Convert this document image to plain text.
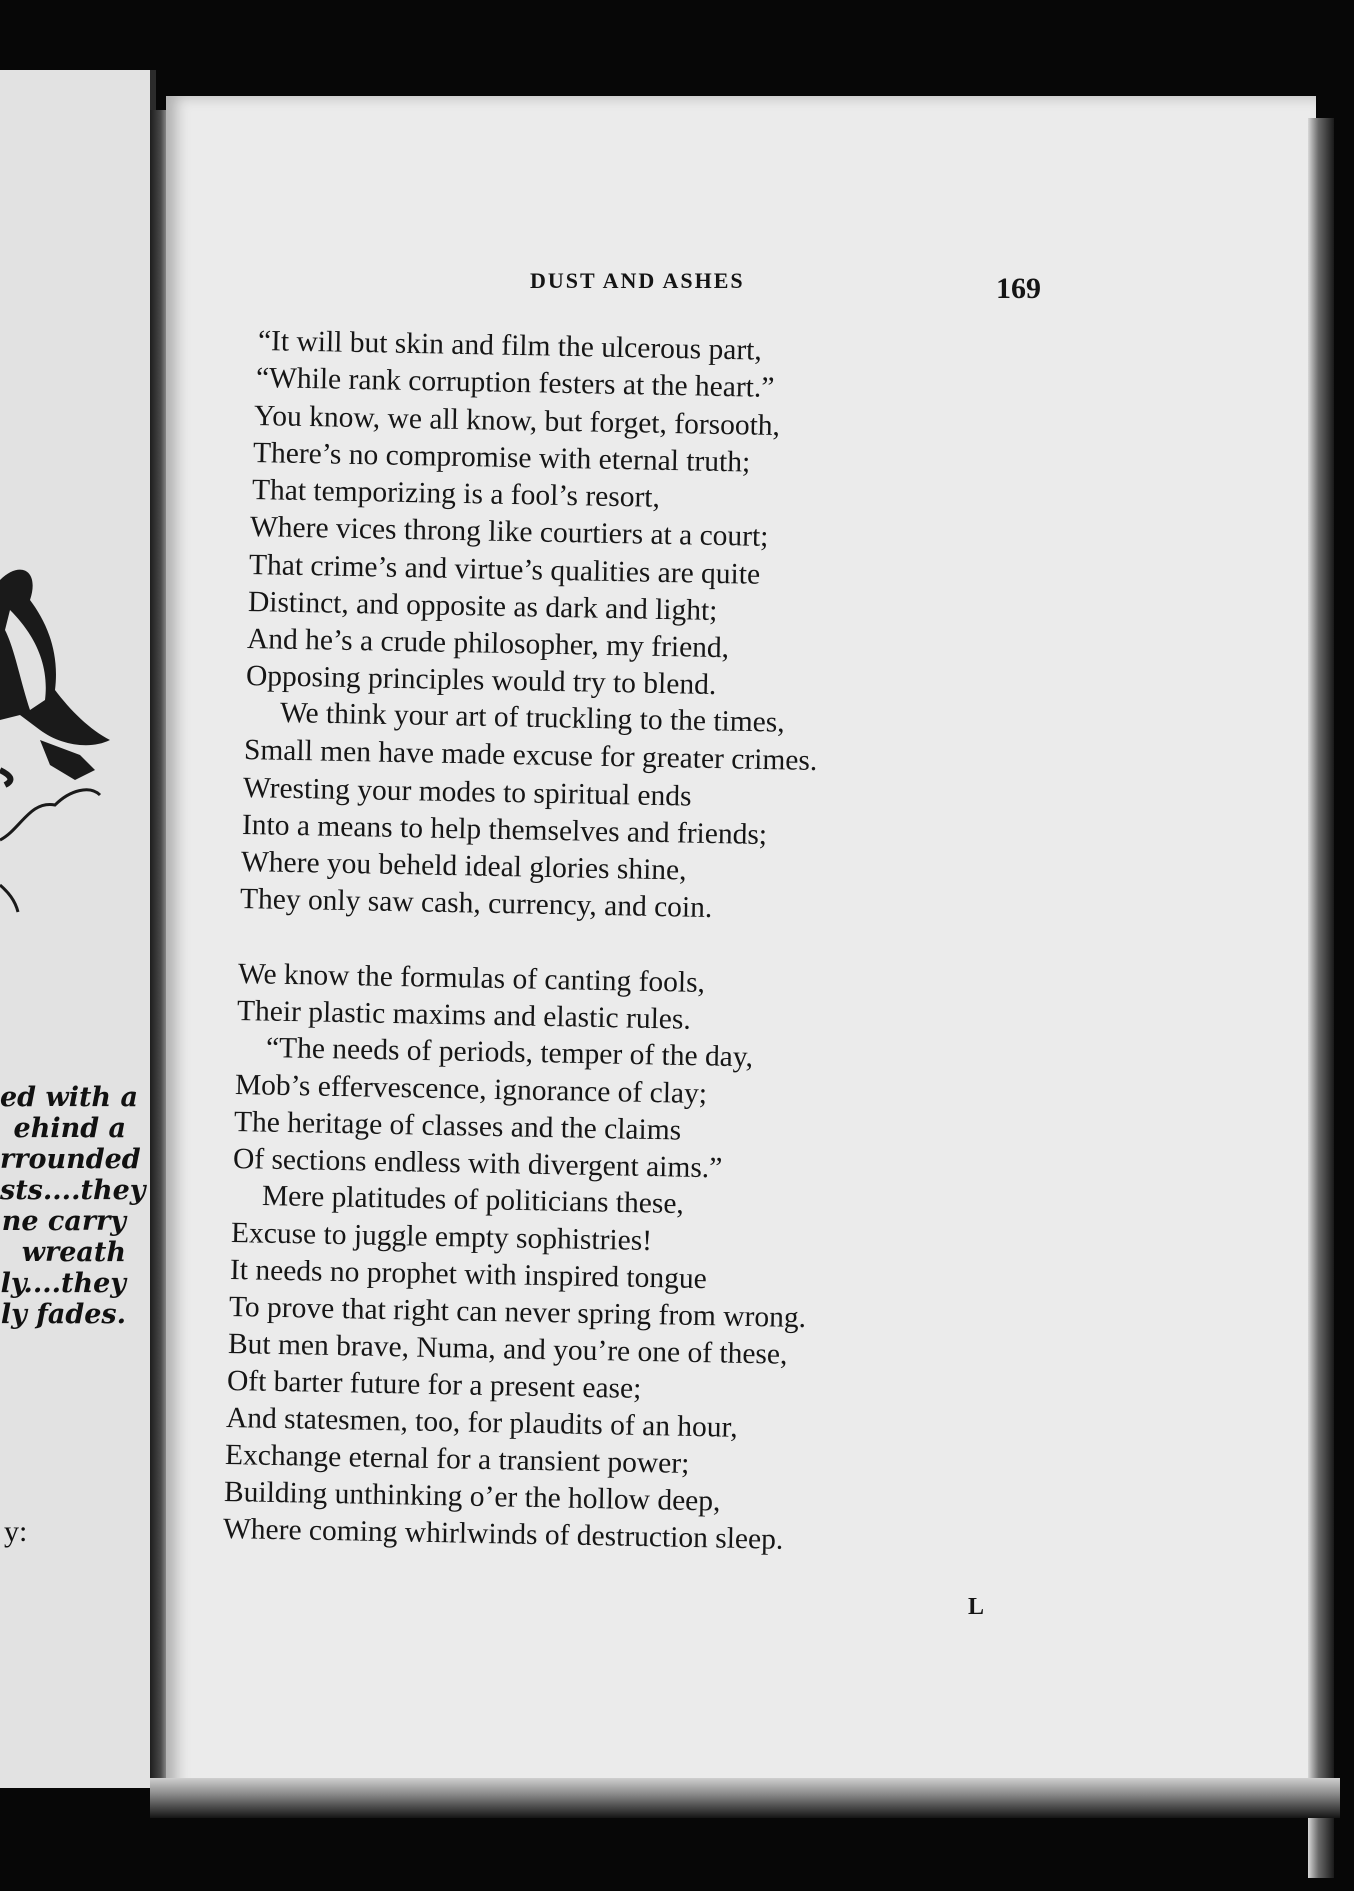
ed with a
ehind a
rrounded
sts....they
ne carry
wreath
ly....they
ly fades.
y:
DUST AND ASHES	169
“It will but skin and film the ulcerous part,
“While rank corruption festers at the heart.”
You know, we all know, but forget, forsooth,
There’s no compromise with eternal truth;
That temporizing is a fool’s resort,
Where vices throng like courtiers at a court;
That crime’s and virtue’s qualities are quite
Distinct, and opposite as dark and light;
And he’s a crude philosopher, my friend,
Opposing principles would try to blend.
We think your art of truckling to the times,
Small men have made excuse for greater crimes.
Wresting your modes to spiritual ends
Into a means to help themselves and friends;
Where you beheld ideal glories shine,
They only saw cash, currency, and coin.
We know the formulas of canting fools,
Their plastic maxims and elastic rules.
“The needs of periods, temper of the day,
Mob’s effervescence, ignorance of clay;
The heritage of classes and the claims
Of sections endless with divergent aims.”
Mere platitudes of politicians these,
Excuse to juggle empty sophistries!
It needs no prophet with inspired tongue
To prove that right can never spring from wrong.
But men brave, Numa, and you’re one of these,
Oft barter future for a present ease;
And statesmen, too, for plaudits of an hour,
Exchange eternal for a transient power;
Building unthinking o’er the hollow deep,
Where coming whirlwinds of destruction sleep.
L
